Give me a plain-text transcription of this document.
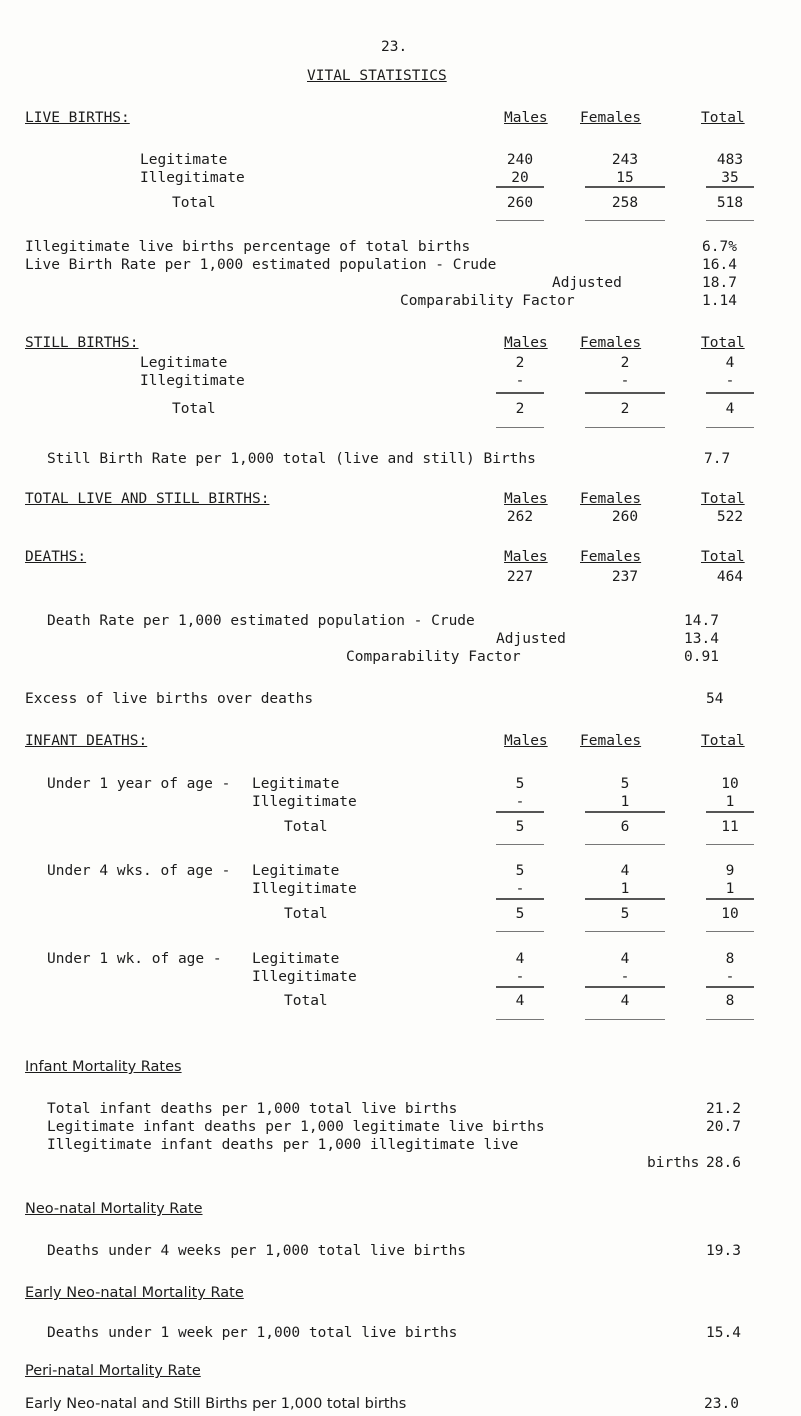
23.
VITAL STATISTICS
LIVE BIRTHS:	Males Females	Total
Legitimate	240	243	483
Illegitimate	20	15	35
Total	260	258	518
Illegitimate live births percentage of total births	6.7%
Live Birth Rate per 1,000 estimated population - Crude	16.4
Adjusted	18.7
Comparability Factor	1.14
STILL BIRTHS:	Males Females	Total
Legitimate	2	2	4
Illegitimate	-	-	-
Total	2	2	4
Still Birth Rate per 1,000 total (live and still) Births	7.7
TOTAL LIVE AND STILL BIRTHS:	Males Females	Total
262	260	522
DEATHS:	Males Females	Total
227	237	464
Death Rate per 1,000 estimated population - Crude	14.7
Adjusted	13.4
Comparability Factor	0.91
Excess of live births over deaths	54
INFANT DEATHS:	Males Females	Total
Under 1 year of age - Legitimate	5	5	10
Illegitimate	-	1	1
Total	5	6	11
Under 4 wks. of age - Legitimate	5	4	9
Illegitimate	-	1	1
Total	5	5	10
Under 1 wk. of age - Legitimate	4	4	8
Illegitimate	-	-	-
Total	4	4	8
Infant Mortality Rates
Total infant deaths per 1,000 total live births	21.2
Legitimate infant deaths per 1,000 legitimate live births	20.7
Illegitimate infant deaths per 1,000 illegitimate live
births 28.6
Neo-natal Mortality Rate
Deaths under 4 weeks per 1,000 total live births	19.3
Early Neo-natal Mortality Rate
Deaths under 1 week per 1,000 total live births	15.4
Peri-natal Mortality Rate
Early Neo-natal and Still Births per 1,000 total births	23.0
